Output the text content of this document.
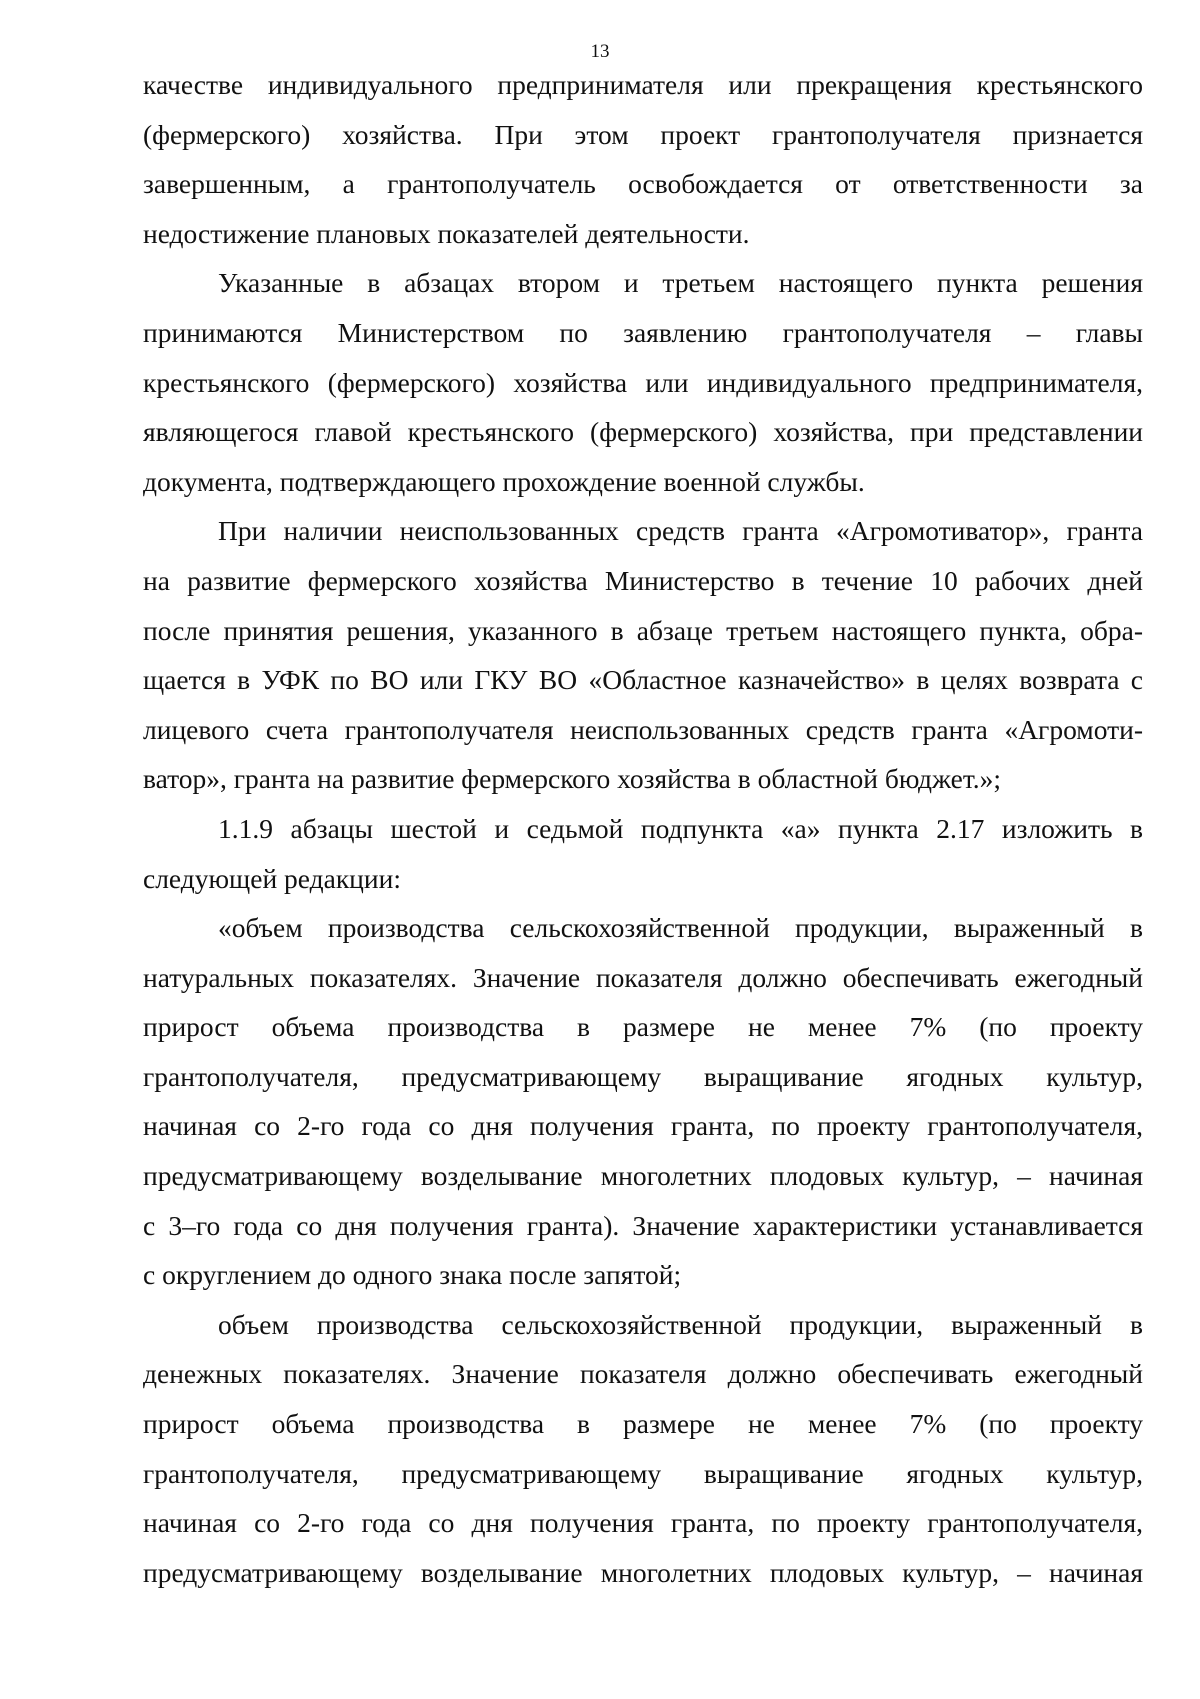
13
качестве индивидуального предпринимателя или прекращения крестьянского
(фермерского) хозяйства. При этом проект грантополучателя признается
завершенным, а грантополучатель освобождается от ответственности за
недостижение плановых показателей деятельности.
Указанные в абзацах втором и третьем настоящего пункта решения
принимаются Министерством по заявлению грантополучателя – главы
крестьянского (фермерского) хозяйства или индивидуального предпринимателя,
являющегося главой крестьянского (фермерского) хозяйства, при представлении
документа, подтверждающего прохождение военной службы.
При наличии неиспользованных средств гранта «Агромотиватор», гранта
на развитие фермерского хозяйства Министерство в течение 10 рабочих дней
после принятия решения, указанного в абзаце третьем настоящего пункта, обра-
щается в УФК по ВО или ГКУ ВО «Областное казначейство» в целях возврата с
лицевого счета грантополучателя неиспользованных средств гранта «Агромоти-
ватор», гранта на развитие фермерского хозяйства в областной бюджет.»;
1.1.9 абзацы шестой и седьмой подпункта «а» пункта 2.17 изложить в
следующей редакции:
«объем производства сельскохозяйственной продукции, выраженный в
натуральных показателях. Значение показателя должно обеспечивать ежегодный
прирост объема производства в размере не менее 7% (по проекту
грантополучателя, предусматривающему выращивание ягодных культур,
начиная со 2-го года со дня получения гранта, по проекту грантополучателя,
предусматривающему возделывание многолетних плодовых культур, – начиная
с 3–го года со дня получения гранта). Значение характеристики устанавливается
с округлением до одного знака после запятой;
объем производства сельскохозяйственной продукции, выраженный в
денежных показателях. Значение показателя должно обеспечивать ежегодный
прирост объема производства в размере не менее 7% (по проекту
грантополучателя, предусматривающему выращивание ягодных культур,
начиная со 2-го года со дня получения гранта, по проекту грантополучателя,
предусматривающему возделывание многолетних плодовых культур, – начиная
